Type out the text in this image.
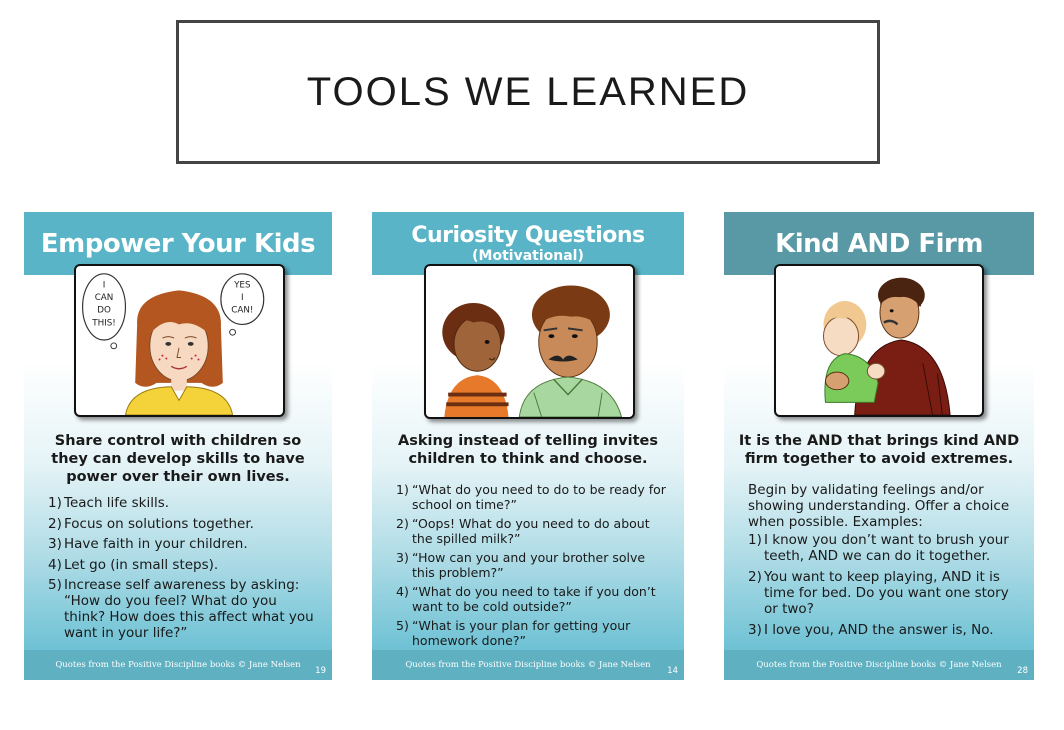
TOOLS WE LEARNED
Empower Your Kids
I
CAN
DO
THIS!
YES
I
CAN!
Share control with children so they can develop skills to have power over their own lives.
1) Teach life skills.
2) Focus on solutions together.
3) Have faith in your children.
4) Let go (in small steps).
5) Increase self awareness by asking: “How do you feel? What do you think? How does this affect what you want in your life?”
Quotes from the Positive Discipline books © Jane Nelsen
19
Curiosity Questions
(Motivational)
Asking instead of telling invites children to think and choose.
1) “What do you need to do to be ready for school on time?”
2) “Oops! What do you need to do about the spilled milk?”
3) “How can you and your brother solve this problem?”
4) “What do you need to take if you don’t want to be cold outside?”
5) “What is your plan for getting your homework done?”
Quotes from the Positive Discipline books © Jane Nelsen
14
Kind AND Firm
It is the AND that brings kind AND firm together to avoid extremes.
Begin by validating feelings and/or showing understanding. Offer a choice when possible. Examples:
1) I know you don’t want to brush your teeth, AND we can do it together.
2) You want to keep playing, AND it is time for bed. Do you want one story or two?
3) I love you, AND the answer is, No.
Quotes from the Positive Discipline books © Jane Nelsen
28
